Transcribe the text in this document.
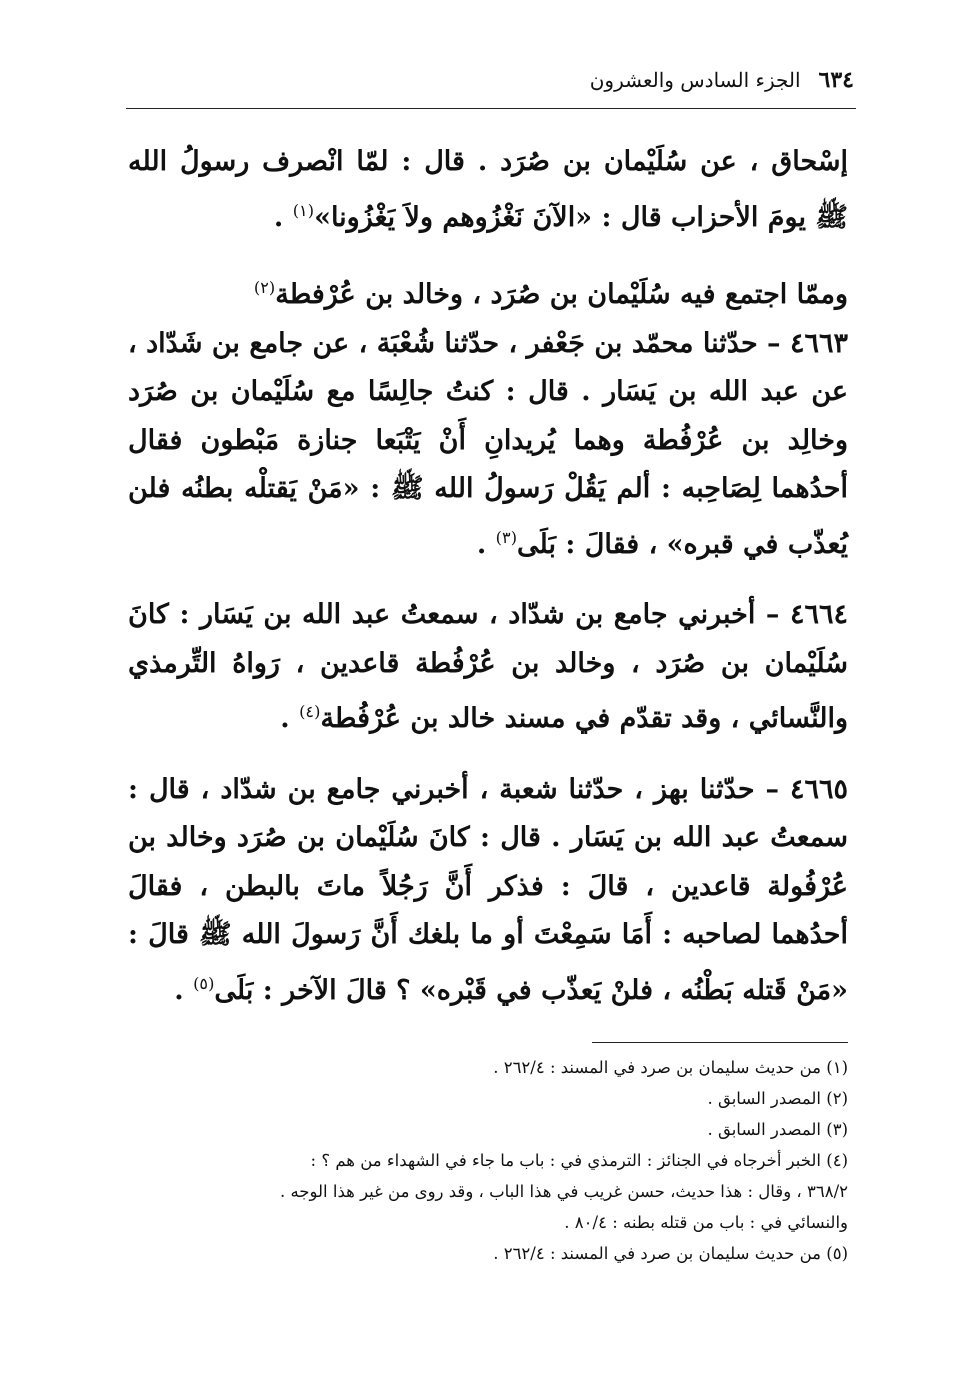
٦٣٤
الجزء السادس والعشرون

إسْحاق ، عن سُلَيْمان بن صُرَد . قال : لمّا انْصرف رسولُ الله ﷺ يومَ الأحزاب قال : «الآنَ نَغْزُوهم ولاَ يَغْزُونا»$^{(١)}$ .

وممّا اجتمع فيه سُلَيْمان بن صُرَد ، وخالد بن عُرْفطة$^{(٢)}$

٤٦٦٣ – حدّثنا محمّد بن جَعْفر ، حدّثنا شُعْبَة ، عن جامع بن شَدّاد ، عن عبد الله بن يَسَار . قال : كنتُ جالِسًا مع سُلَيْمان بن صُرَد وخالِد بن عُرْفُطة وهما يُريدانِ أَنْ يَتْبَعا جنازة مَبْطون فقال أحدُهما لِصَاحِبه : ألم يَقُلْ رَسولُ الله ﷺ : «مَنْ يَقتلْه بطنُه فلن يُعذّب في قبره» ، فقالَ : بَلَى$^{(٣)}$ .

٤٦٦٤ – أخبرني جامع بن شدّاد ، سمعتُ عبد الله بن يَسَار : كانَ سُلَيْمان بن صُرَد ، وخالد بن عُرْفُطة قاعدين ، رَواهُ التِّرمذي والنَّسائي ، وقد تقدّم في مسند خالد بن عُرْفُطة$^{(٤)}$ .

٤٦٦٥ – حدّثنا بهز ، حدّثنا شعبة ، أخبرني جامع بن شدّاد ، قال : سمعتُ عبد الله بن يَسَار . قال : كانَ سُلَيْمان بن صُرَد وخالد بن عُرْفُولة قاعدين ، قالَ : فذكر أَنَّ رَجُلاً ماتَ بالبطن ، فقالَ أحدُهما لصاحبه : أَمَا سَمِعْتَ أو ما بلغك أَنَّ رَسولَ الله ﷺ قالَ : «مَنْ قَتله بَطْنُه ، فلنْ يَعذّب في قَبْره» ؟ قالَ الآخر : بَلَى$^{(٥)}$ .

(١) من حديث سليمان بن صرد في المسند : ٢٦٢/٤ .

(٢) المصدر السابق .

(٣) المصدر السابق .

(٤) الخبر أخرجاه في الجنائز : الترمذي في : باب ما جاء في الشهداء من هم ؟ :

٣٦٨/٢ ، وقال : هذا حديث، حسن غريب في هذا الباب ، وقد روى من غير هذا الوجه .

والنسائي في : باب من قتله بطنه : ٨٠/٤ .

(٥) من حديث سليمان بن صرد في المسند : ٢٦٢/٤ .
